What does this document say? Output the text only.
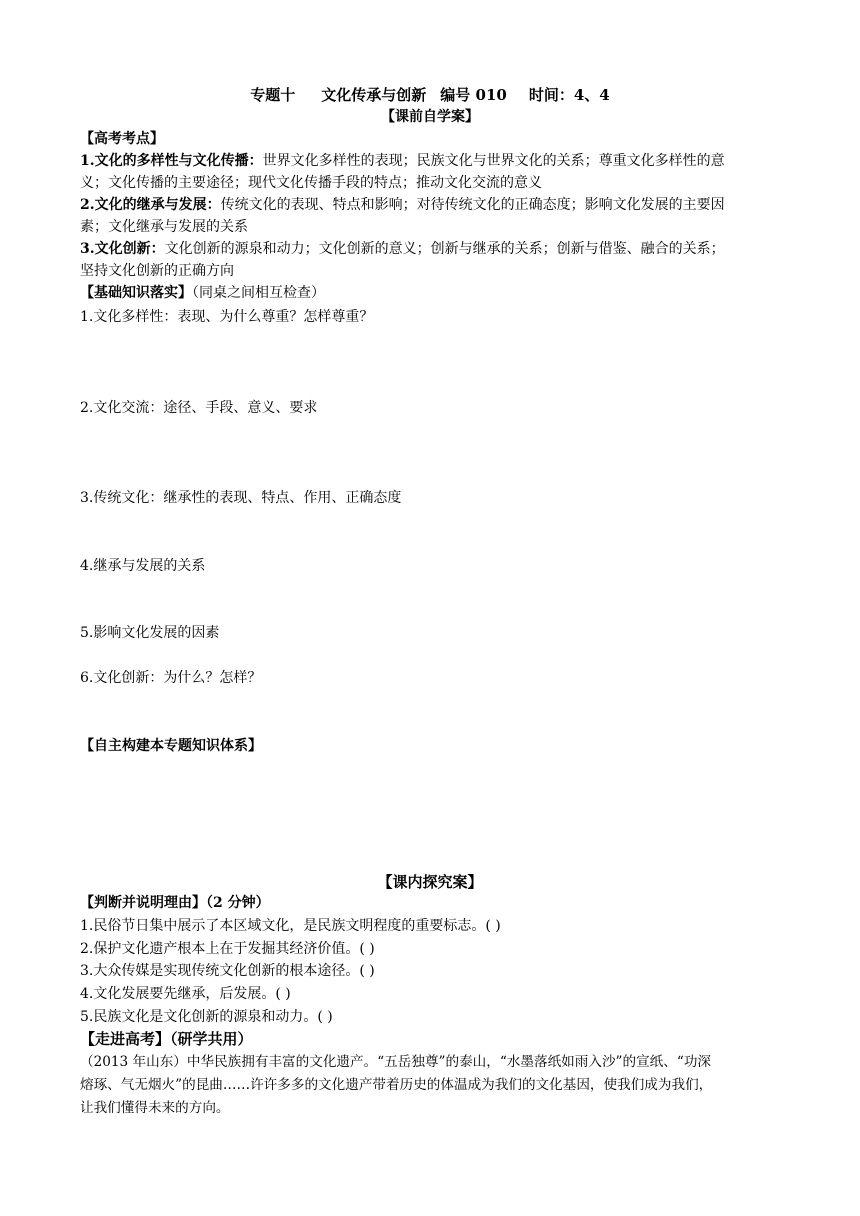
专题十 文化传承与创新 编号 010 时间：4、4
【课前自学案】
【高考考点】
1.文化的多样性与文化传播：世界文化多样性的表现；民族文化与世界文化的关系；尊重文化多样性的意
义；文化传播的主要途径；现代文化传播手段的特点；推动文化交流的意义
2.文化的继承与发展：传统文化的表现、特点和影响；对待传统文化的正确态度；影响文化发展的主要因
素；文化继承与发展的关系
3.文化创新：文化创新的源泉和动力；文化创新的意义；创新与继承的关系；创新与借鉴、融合的关系；
坚持文化创新的正确方向
【基础知识落实】（同桌之间相互检查）
1.文化多样性：表现、为什么尊重？怎样尊重？
2.文化交流：途径、手段、意义、要求
3.传统文化：继承性的表现、特点、作用、正确态度
4.继承与发展的关系
5.影响文化发展的因素
6.文化创新：为什么？怎样？
【自主构建本专题知识体系】
【课内探究案】
【判断并说明理由】（2 分钟）
1.民俗节日集中展示了本区域文化，是民族文明程度的重要标志。( )
2.保护文化遗产根本上在于发掘其经济价值。( )
3.大众传媒是实现传统文化创新的根本途径。( )
4.文化发展要先继承，后发展。( )
5.民族文化是文化创新的源泉和动力。( )
【走进高考】（研学共用）
（2013 年山东）中华民族拥有丰富的文化遗产。“五岳独尊”的泰山，“水墨落纸如雨入沙”的宣纸、“功深
熔琢、气无烟火”的昆曲……许许多多的文化遗产带着历史的体温成为我们的文化基因，使我们成为我们，
让我们懂得未来的方向。
